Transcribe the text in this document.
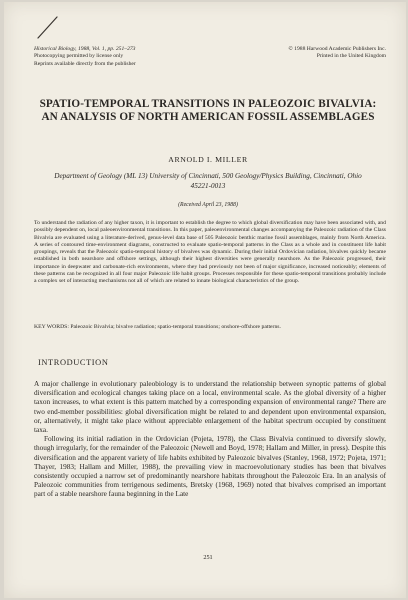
Historical Biology, 1988, Vol. 1, pp. 251–273
Photocopying permitted by license only
Reprints available directly from the publisher
© 1988 Harwood Academic Publishers Inc.
Printed in the United Kingdom
SPATIO-TEMPORAL TRANSITIONS IN PALEOZOIC BIVALVIA: AN ANALYSIS OF NORTH AMERICAN FOSSIL ASSEMBLAGES
ARNOLD I. MILLER
Department of Geology (ML 13) University of Cincinnati, 500 Geology/Physics Building, Cincinnati, Ohio 45221-0013
(Received April 23, 1988)
To understand the radiation of any higher taxon, it is important to establish the degree to which global diversification may have been associated with, and possibly dependent on, local paleoenvironmental transitions. In this paper, paleoenvironmental changes accompanying the Paleozoic radiation of the Class Bivalvia are evaluated using a literature-derived, genus-level data base of 505 Paleozoic benthic marine fossil assemblages, mainly from North America. A series of contoured time-environment diagrams, constructed to evaluate spatio-temporal patterns in the Class as a whole and in constituent life habit groupings, reveals that the Paleozoic spatio-temporal history of bivalves was dynamic. During their initial Ordovician radiation, bivalves quickly became established in both nearshore and offshore settings, although their highest diversities were generally nearshore. As the Paleozoic progressed, their importance in deepwater and carbonate-rich environments, where they had previously not been of major significance, increased noticeably; elements of these patterns can be recognized in all four major Paleozoic life habit groups. Processes responsible for these spatio-temporal transitions probably include a complex set of interacting mechanisms not all of which are related to innate biological characteristics of the group.
KEY WORDS: Paleozoic Bivalvia; bivalve radiation; spatio-temporal transitions; onshore-offshore patterns.
INTRODUCTION

A major challenge in evolutionary paleobiology is to understand the relationship between synoptic patterns of global diversification and ecological changes taking place on a local, environmental scale. As the global diversity of a higher taxon increases, to what extent is this pattern matched by a corresponding expansion of environmental range? There are two end-member possibilities: global diversification might be related to and dependent upon environmental expansion, or, alternatively, it might take place without appreciable enlargement of the habitat spectrum occupied by constituent taxa.

Following its initial radiation in the Ordovician (Pojeta, 1978), the Class Bivalvia continued to diversify slowly, though irregularly, for the remainder of the Paleozoic (Newell and Boyd, 1978; Hallam and Miller, in press). Despite this diversification and the apparent variety of life habits exhibited by Paleozoic bivalves (Stanley, 1968, 1972; Pojeta, 1971; Thayer, 1983; Hallam and Miller, 1988), the prevailing view in macroevolutionary studies has been that bivalves consistently occupied a narrow set of predominantly nearshore habitats throughout the Paleozoic Era. In an analysis of Paleozoic communities from terrigenous sediments, Bretsky (1968, 1969) noted that bivalves comprised an important part of a stable nearshore fauna beginning in the Late

251
